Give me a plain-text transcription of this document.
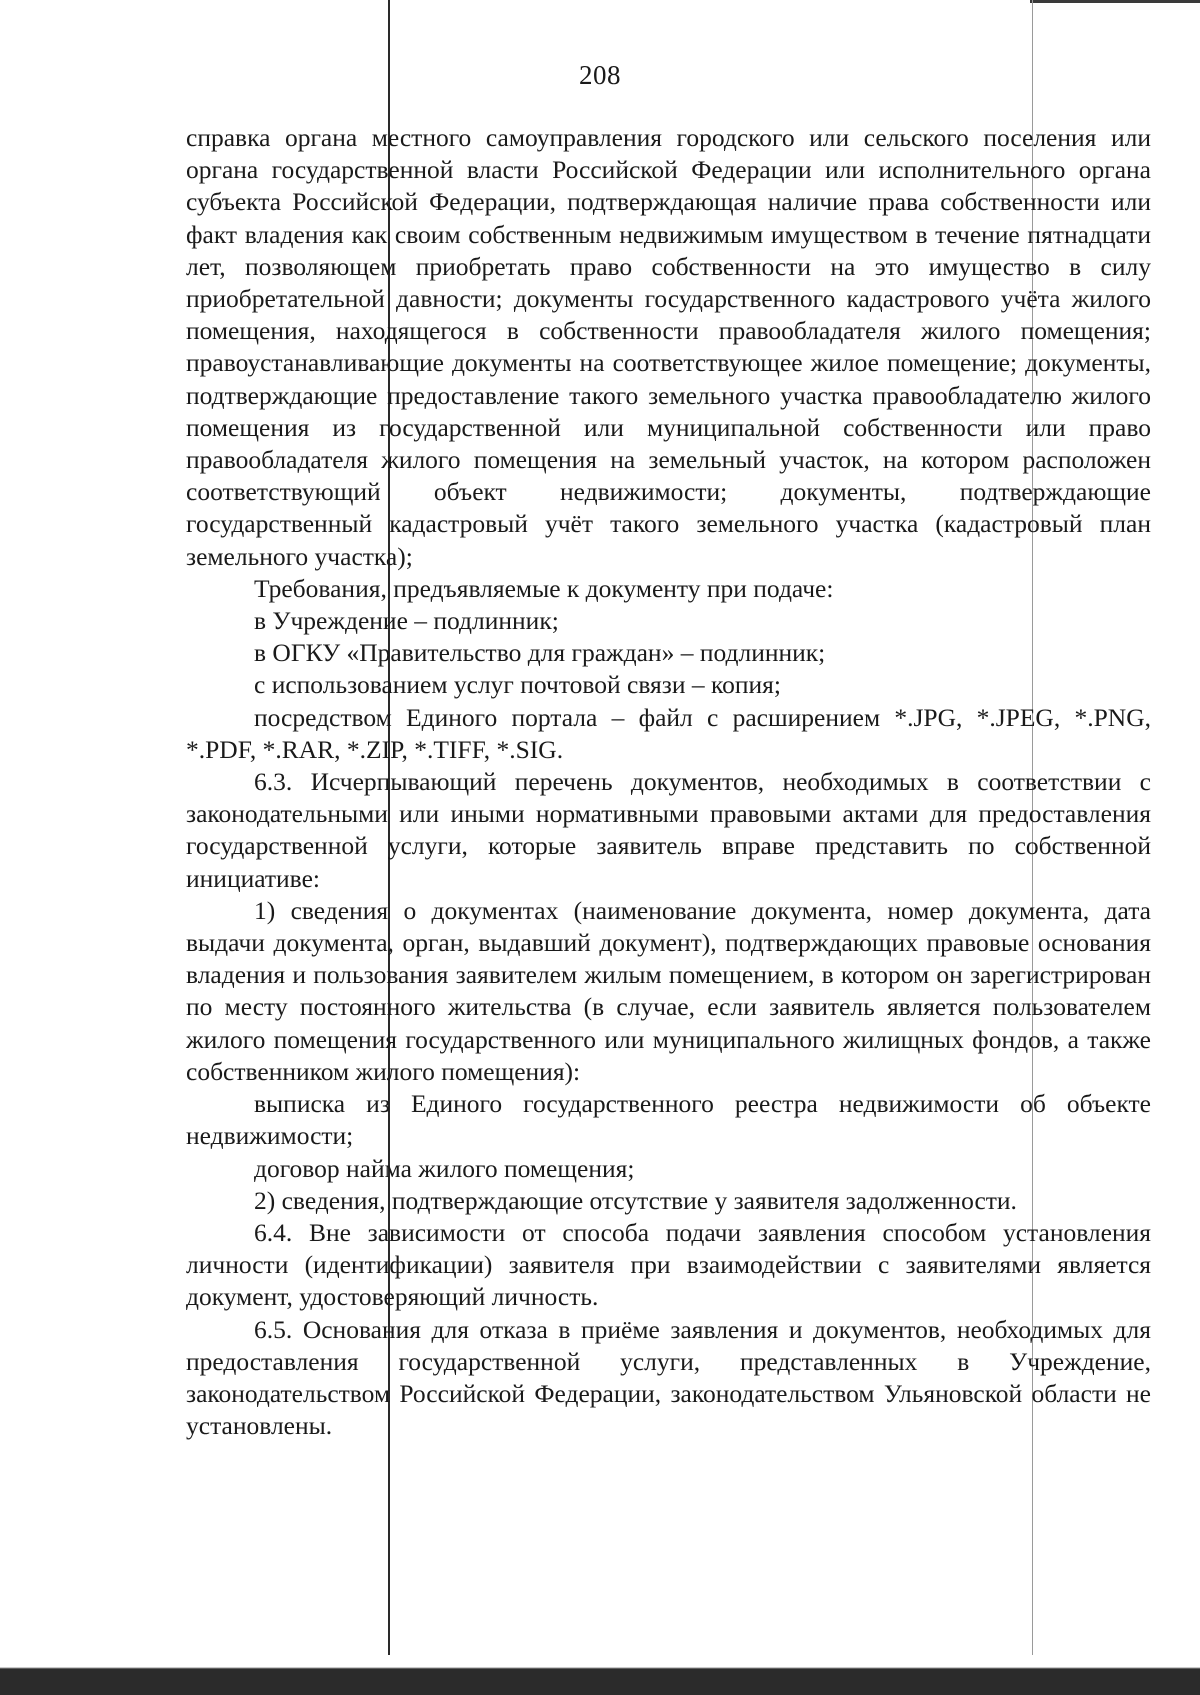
208

справка органа местного самоуправления городского или сельского поселения или органа государственной власти Российской Федерации или исполнительного органа субъекта Российской Федерации, подтверждающая наличие права собственности или факт владения как своим собственным недвижимым имуществом в течение пятнадцати лет, позволяющем приобретать право собственности на это имущество в силу приобретательной давности; документы государственного кадастрового учёта жилого помещения, находящегося в собственности правообладателя жилого помещения; правоустанавливающие документы на соответствующее жилое помещение; документы, подтверждающие предоставление такого земельного участка правообладателю жилого помещения из государственной или муниципальной собственности или право правообладателя жилого помещения на земельный участок, на котором расположен соответствующий объект недвижимости; документы, подтверждающие государственный кадастровый учёт такого земельного участка (кадастровый план земельного участка);

Требования, предъявляемые к документу при подаче:

в Учреждение – подлинник;

в ОГКУ «Правительство для граждан» – подлинник;

с использованием услуг почтовой связи – копия;

посредством Единого портала – файл с расширением *.JPG, *.JPEG, *.PNG, *.PDF, *.RAR, *.ZIP, *.TIFF, *.SIG.

6.3. Исчерпывающий перечень документов, необходимых в соответствии с законодательными или иными нормативными правовыми актами для предоставления государственной услуги, которые заявитель вправе представить по собственной инициативе:

1) сведения о документах (наименование документа, номер документа, дата выдачи документа, орган, выдавший документ), подтверждающих правовые основания владения и пользования заявителем жилым помещением, в котором он зарегистрирован по месту постоянного жительства (в случае, если заявитель является пользователем жилого помещения государственного или муниципального жилищных фондов, а также собственником жилого помещения):

выписка из Единого государственного реестра недвижимости об объекте недвижимости;

договор найма жилого помещения;

2) сведения, подтверждающие отсутствие у заявителя задолженности.

6.4. Вне зависимости от способа подачи заявления способом установления личности (идентификации) заявителя при взаимодействии с заявителями является документ, удостоверяющий личность.

6.5. Основания для отказа в приёме заявления и документов, необходимых для предоставления государственной услуги, представленных в Учреждение, законодательством Российской Федерации, законодательством Ульяновской области не установлены.
